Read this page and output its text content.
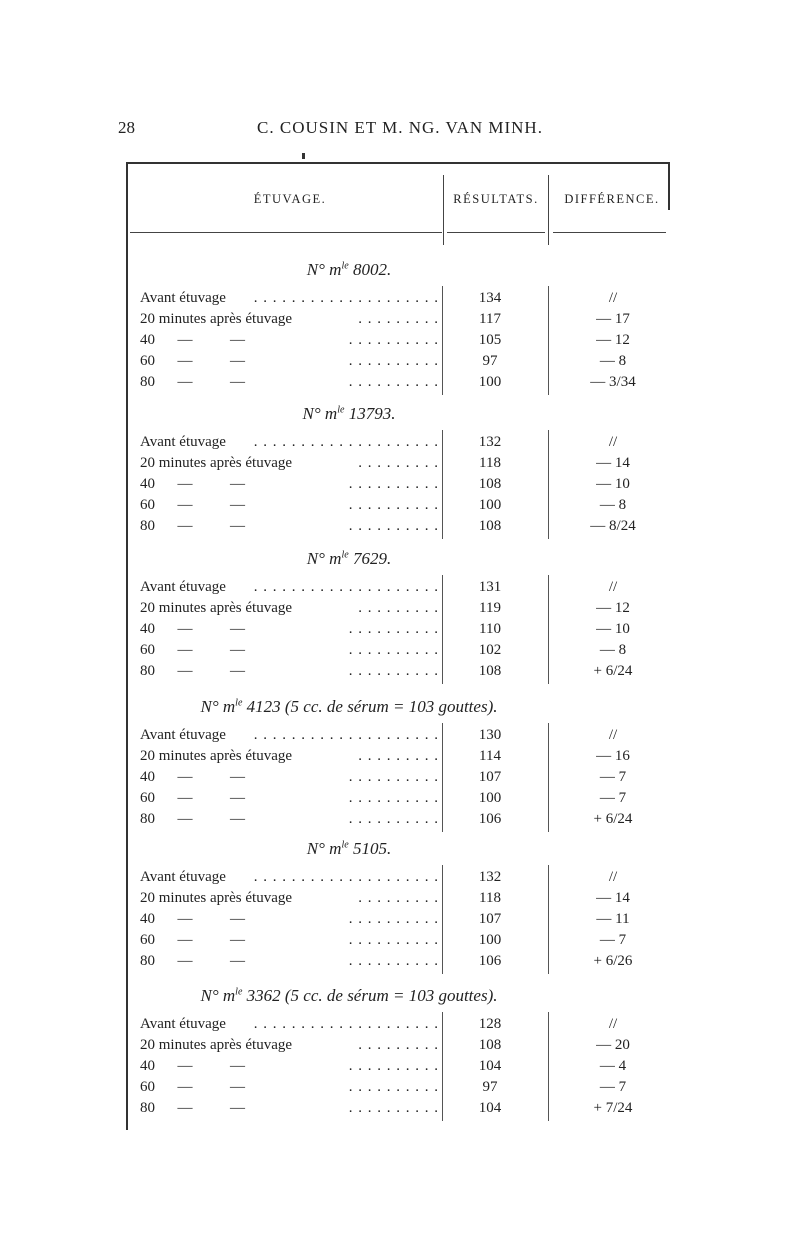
28	C. COUSIN ET M. NG. VAN MINH.
ÉTUVAGE.	RÉSULTATS.	DIFFÉRENCE.
N° $m^{le}$ 8002.
Avant étuvage . . . . . . . . . . . . . . . . . . . .	134	//
20 minutes après étuvage	. . . . . . . . .	117	— 17
40      —          —	. . . . . . . . . .	105	— 12
60      —          —	. . . . . . . . . .	97	— 8
80      —          —	. . . . . . . . . .	100	— 3/34
N° $m^{le}$ 13793.
Avant étuvage . . . . . . . . . . . . . . . . . . . .	132	//
20 minutes après étuvage	. . . . . . . . .	118	— 14
40      —          —	. . . . . . . . . .	108	— 10
60      —          —	. . . . . . . . . .	100	— 8
80      —          —	. . . . . . . . . .	108	— 8/24
N° $m^{le}$ 7629.
Avant étuvage . . . . . . . . . . . . . . . . . . . .	131	//
20 minutes après étuvage	. . . . . . . . .	119	— 12
40      —          —	. . . . . . . . . .	110	— 10
60      —          —	. . . . . . . . . .	102	— 8
80      —          —	. . . . . . . . . .	108	+ 6/24
N° $m^{le}$ 4123 (5 cc. de sérum = 103 gouttes).
Avant étuvage . . . . . . . . . . . . . . . . . . . .	130	//
20 minutes après étuvage	. . . . . . . . .	114	— 16
40      —          —	. . . . . . . . . .	107	— 7
60      —          —	. . . . . . . . . .	100	— 7
80      —          —	. . . . . . . . . .	106	+ 6/24
N° $m^{le}$ 5105.
Avant étuvage . . . . . . . . . . . . . . . . . . . .	132	//
20 minutes après étuvage	. . . . . . . . .	118	— 14
40      —          —	. . . . . . . . . .	107	— 11
60      —          —	. . . . . . . . . .	100	— 7
80      —          —	. . . . . . . . . .	106	+ 6/26
N° $m^{le}$ 3362 (5 cc. de sérum = 103 gouttes).
Avant étuvage . . . . . . . . . . . . . . . . . . . .	128	//
20 minutes après étuvage	. . . . . . . . .	108	— 20
40      —          —	. . . . . . . . . .	104	— 4
60      —          —	. . . . . . . . . .	97	— 7
80      —          —	. . . . . . . . . .	104	+ 7/24
